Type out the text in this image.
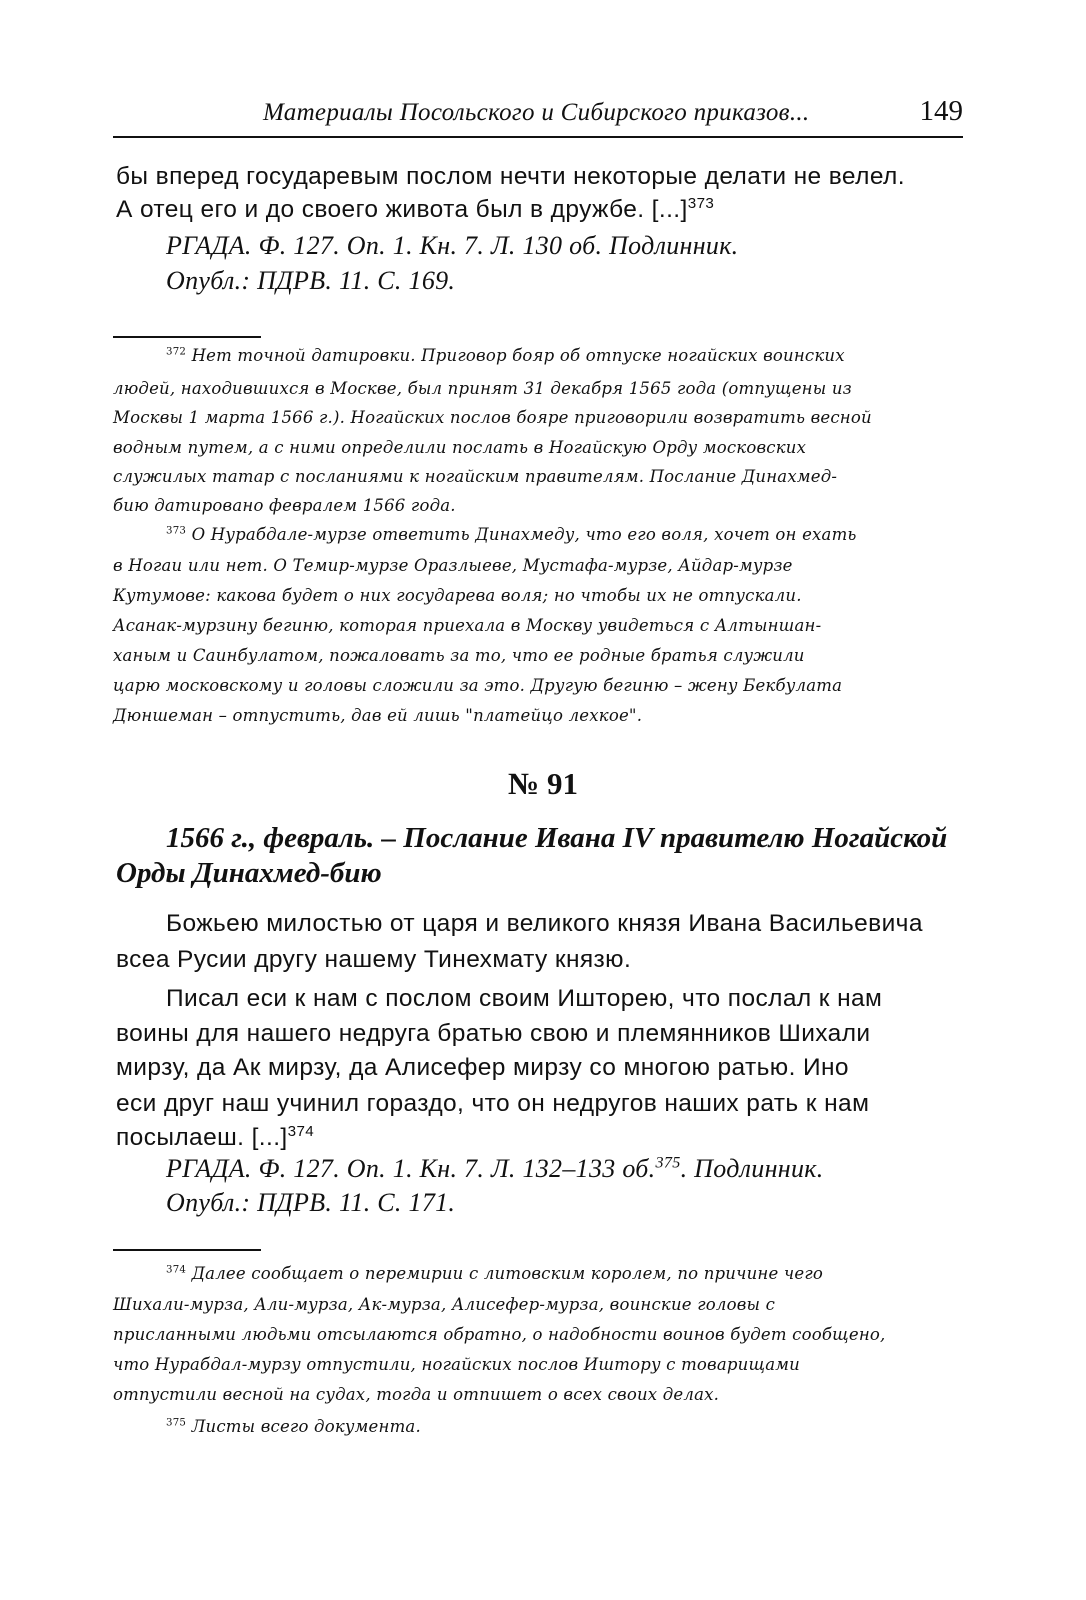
Материалы Посольского и Сибирского приказов...	149
бы вперед государевым послом нечти некоторые делати не велел.
А отец его и до своего живота был в дружбе. [...]$^{373}$
РГАДА. Ф. 127. Оп. 1. Кн. 7. Л. 130 об. Подлинник.
Опубл.: ПДРВ. 11. С. 169.
$^{372}$ Нет точной датировки. Приговор бояр об отпуске ногайских воинских
людей, находившихся в Москве, был принят 31 декабря 1565 года (отпущены из
Москвы 1 марта 1566 г.). Ногайских послов бояре приговорили возвратить весной
водным путем, а с ними определили послать в Ногайскую Орду московских
служилых татар с посланиями к ногайским правителям. Послание Динахмед-
бию датировано февралем 1566 года.
$^{373}$ О Нурабдале-мурзе ответить Динахмеду, что его воля, хочет он ехать
в Ногаи или нет. О Темир-мурзе Оразлыеве, Мустафа-мурзе, Айдар-мурзе
Кутумове: какова будет о них государева воля; но чтобы их не отпускали.
Асанак-мурзину бегиню, которая приехала в Москву увидеться с Алтыншан-
ханым и Саинбулатом, пожаловать за то, что ее родные братья служили
царю московскому и головы сложили за это. Другую бегиню – жену Бекбулата
Дюншеман – отпустить, дав ей лишь "платейцо лехкое".
№ 91
1566 г., февраль. – Послание Ивана IV правителю Ногайской
Орды Динахмед-бию
Божьею милостью от царя и великого князя Ивана Васильевича
всеа Русии другу нашему Тинехмату князю.
Писал еси к нам с послом своим Ишторею, что послал к нам
воины для нашего недруга братью свою и племянников Шихали
мирзу, да Ак мирзу, да Алисефер мирзу со многою ратью. Ино
еси друг наш учинил гораздо, что он недругов наших рать к нам
посылаеш. [...]$^{374}$
РГАДА. Ф. 127. Оп. 1. Кн. 7. Л. 132–133 об.$^{375}$. Подлинник.
Опубл.: ПДРВ. 11. С. 171.
$^{374}$ Далее сообщает о перемирии с литовским королем, по причине чего
Шихали-мурза, Али-мурза, Ак-мурза, Алисефер-мурза, воинские головы с
присланными людьми отсылаются обратно, о надобности воинов будет сообщено,
что Нурабдал-мурзу отпустили, ногайских послов Иштору с товарищами
отпустили весной на судах, тогда и отпишет о всех своих делах.
$^{375}$ Листы всего документа.
